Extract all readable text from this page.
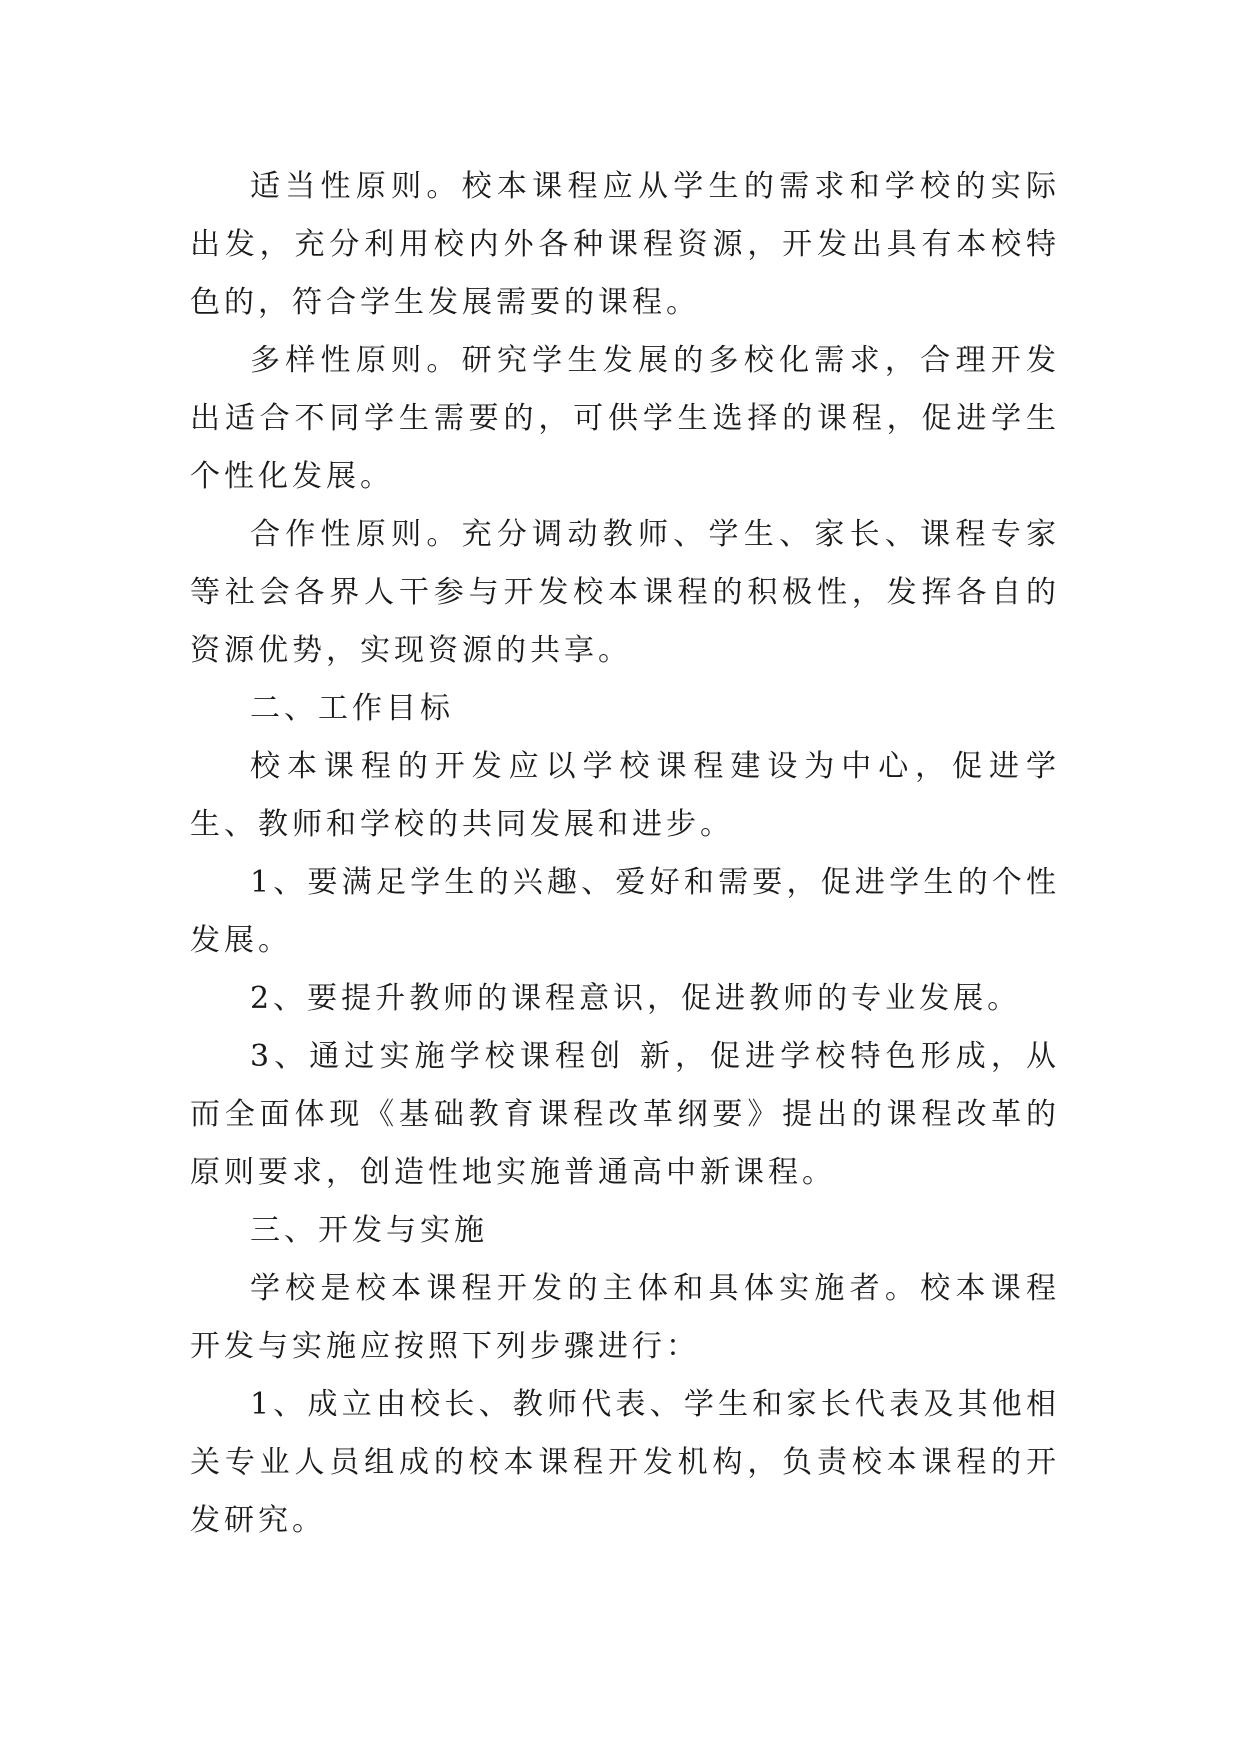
适当性原则。校本课程应从学生的需求和学校的实际出发，充分利用校内外各种课程资源，开发出具有本校特色的，符合学生发展需要的课程。

多样性原则。研究学生发展的多校化需求，合理开发出适合不同学生需要的，可供学生选择的课程，促进学生个性化发展。

合作性原则。充分调动教师、学生、家长、课程专家等社会各界人干参与开发校本课程的积极性，发挥各自的资源优势，实现资源的共享。

二、工作目标

校本课程的开发应以学校课程建设为中心，促进学生、教师和学校的共同发展和进步。

1、要满足学生的兴趣、爱好和需要，促进学生的个性发展。

2、要提升教师的课程意识，促进教师的专业发展。

3、通过实施学校课程创 新，促进学校特色形成，从而全面体现《基础教育课程改革纲要》提出的课程改革的原则要求，创造性地实施普通高中新课程。

三、开发与实施

学校是校本课程开发的主体和具体实施者。校本课程开发与实施应按照下列步骤进行：

1、成立由校长、教师代表、学生和家长代表及其他相关专业人员组成的校本课程开发机构，负责校本课程的开发研究。
